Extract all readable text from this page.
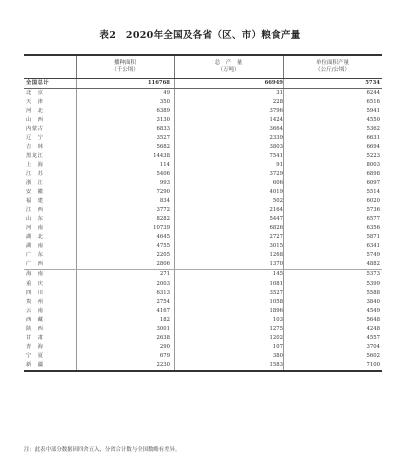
表2　2020年全国及各省（区、市）粮食产量
播种面积
（千公顷）
总　产　量
（万吨）
单位面积产量
（公斤/公顷）
全国总计	116768	66949	5734
北　京	49	31	6244
天　津	350	228	6516
河　北	6389	3796	5941
山　西	3130	1424	4550
内蒙古	6833	3664	5362
辽　宁	3527	2339	6631
吉　林	5682	3803	6694
黑龙江	14438	7541	5223
上　海	114	91	8003
江　苏	5406	3729	6898
浙　江	993	606	6097
安　徽	7290	4019	5514
福　建	834	502	6020
江　西	3772	2164	5736
山　东	8282	5447	6577
河　南	10739	6826	6356
湖　北	4645	2727	5871
湖　南	4755	3015	6341
广　东	2205	1268	5749
广　西	2806	1370	4882
海　南	271	145	5373
重　庆	2003	1081	5399
四　川	6313	3527	5588
贵　州	2754	1058	3840
云　南	4167	1896	4549
西　藏	182	103	5648
陕　西	3001	1275	4248
甘　肃	2638	1202	4557
青　海	290	107	3704
宁　夏	679	380	5602
新　疆	2230	1583	7100
注：此表中部分数据因四舍五入，分省合计数与全国数略有差异。
